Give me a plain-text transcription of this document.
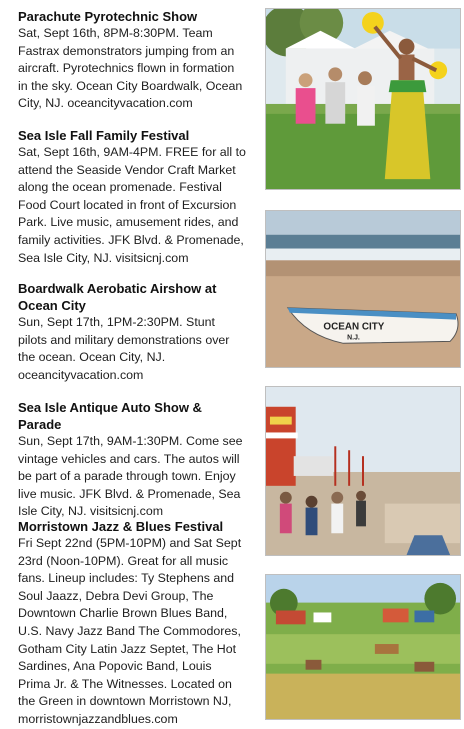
Parachute Pyrotechnic Show

Sat, Sept 16th, 8PM-8:30PM. Team Fastrax demonstrators jumping from an aircraft. Pyrotechnics flown in formation in the sky. Ocean City Boardwalk, Ocean City, NJ. oceancityvacation.com

Sea Isle Fall Family Festival

Sat, Sept 16th, 9AM-4PM. FREE for all to attend the Seaside Vendor Craft Market along the ocean promenade. Festival Food Court located in front of Excursion Park. Live music, amusement rides, and family activities. JFK Blvd. & Promenade, Sea Isle City, NJ. visitsicnj.com

Boardwalk Aerobatic Airshow at Ocean City

Sun, Sept 17th, 1PM-2:30PM. Stunt pilots and military demonstrations over the ocean. Ocean City, NJ. oceancityvacation.com

Sea Isle Antique Auto Show & Parade

Sun, Sept 17th, 9AM-1:30PM. Come see vintage vehicles and cars. The autos will be part of a parade through town. Enjoy live music. JFK Blvd. & Promenade, Sea Isle City, NJ. visitsicnj.com

Morristown Jazz & Blues Festival

Fri Sept 22nd (5PM-10PM) and Sat Sept 23rd (Noon-10PM). Great for all music fans. Lineup includes: Ty Stephens and Soul Jaazz, Debra Devi Group, The Downtown Charlie Brown Blues Band, U.S. Navy Jazz Band The Commodores, Gotham City Latin Jazz Septet, The Hot Sardines, Ana Popovic Band, Louis Prima Jr. & The Witnesses. Located on the Green in downtown Morristown NJ, morristownjazzandblues.com

OCEAN CITY
N.J.
